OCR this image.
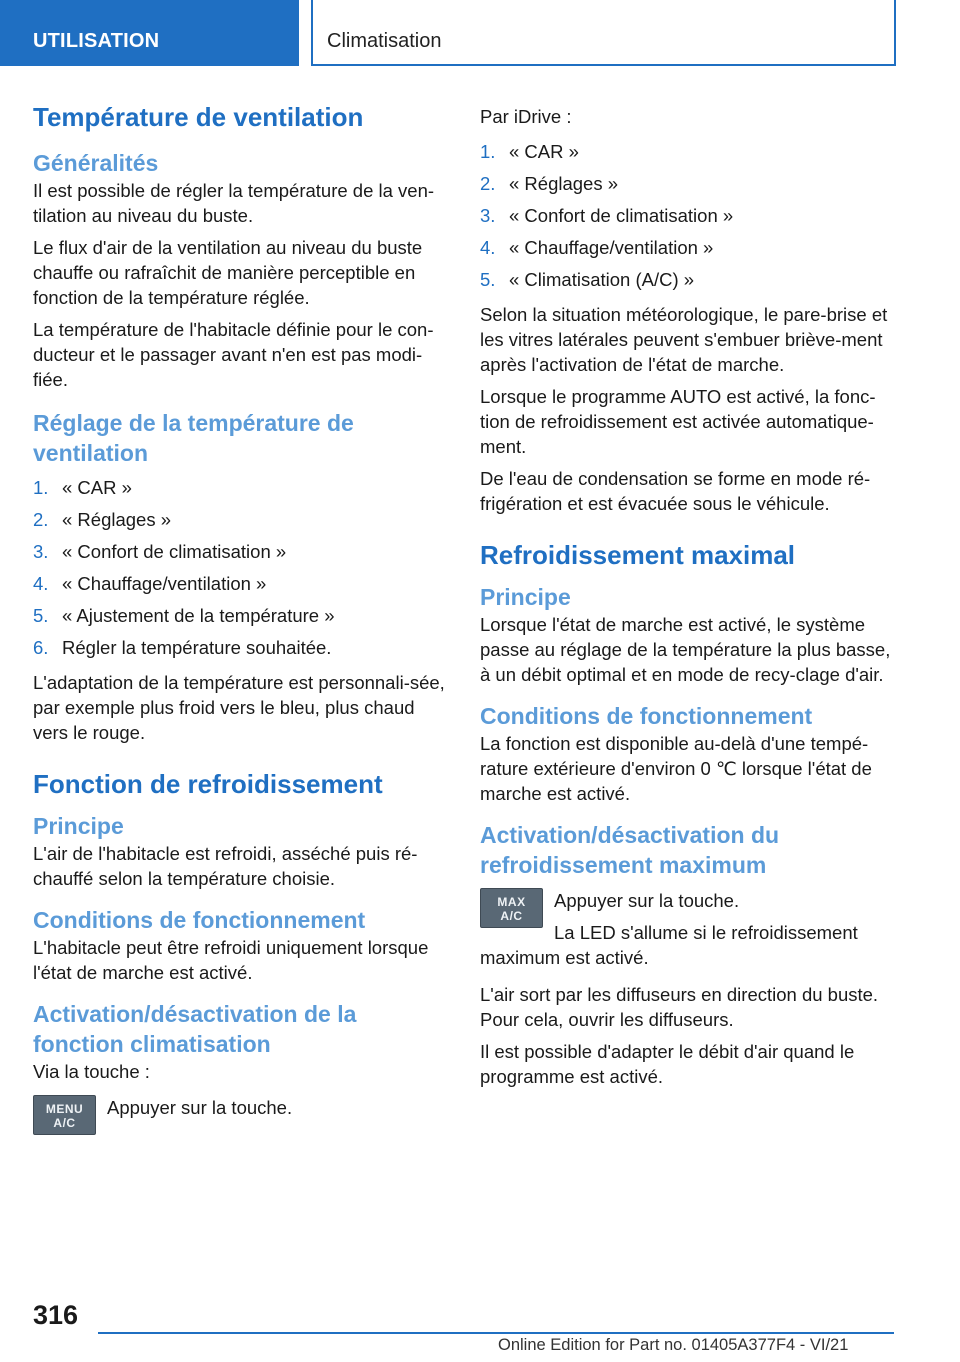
UTILISATION	Climatisation
Température de ventilation
Généralités

Il est possible de régler la température de la ven-tilation au niveau du buste.

Le flux d'air de la ventilation au niveau du buste chauffe ou rafraîchit de manière perceptible en fonction de la température réglée.

La température de l'habitacle définie pour le con-ducteur et le passager avant n'en est pas modi-fiée.

Réglage de la température de ventilation
1. « CAR »
2. « Réglages »
3. « Confort de climatisation »
4. « Chauffage/ventilation »
5. « Ajustement de la température »
6. Régler la température souhaitée.

L'adaptation de la température est personnali-sée, par exemple plus froid vers le bleu, plus chaud vers le rouge.

Fonction de refroidissement
Principe

L'air de l'habitacle est refroidi, asséché puis ré-chauffé selon la température choisie.

Conditions de fonctionnement

L'habitacle peut être refroidi uniquement lorsque l'état de marche est activé.

Activation/désactivation de la fonction climatisation

Via la touche :

MENU
A/C

Appuyer sur la touche.

Par iDrive :

1. « CAR »
2. « Réglages »
3. « Confort de climatisation »
4. « Chauffage/ventilation »
5. « Climatisation (A/C) »

Selon la situation météorologique, le pare-brise et les vitres latérales peuvent s'embuer briève-ment après l'activation de l'état de marche.

Lorsque le programme AUTO est activé, la fonc-tion de refroidissement est activée automatique-ment.

De l'eau de condensation se forme en mode ré-frigération et est évacuée sous le véhicule.

Refroidissement maximal
Principe

Lorsque l'état de marche est activé, le système passe au réglage de la température la plus basse, à un débit optimal et en mode de recy-clage d'air.

Conditions de fonctionnement

La fonction est disponible au-delà d'une tempé-rature extérieure d'environ 0 ℃ lorsque l'état de marche est activé.

Activation/désactivation du refroidissement maximum
MAX
A/C

Appuyer sur la touche.

La LED s'allume si le refroidissement maximum est activé.

L'air sort par les diffuseurs en direction du buste. Pour cela, ouvrir les diffuseurs.

Il est possible d'adapter le débit d'air quand le programme est activé.

316
Online Edition for Part no. 01405A377F4 - VI/21
